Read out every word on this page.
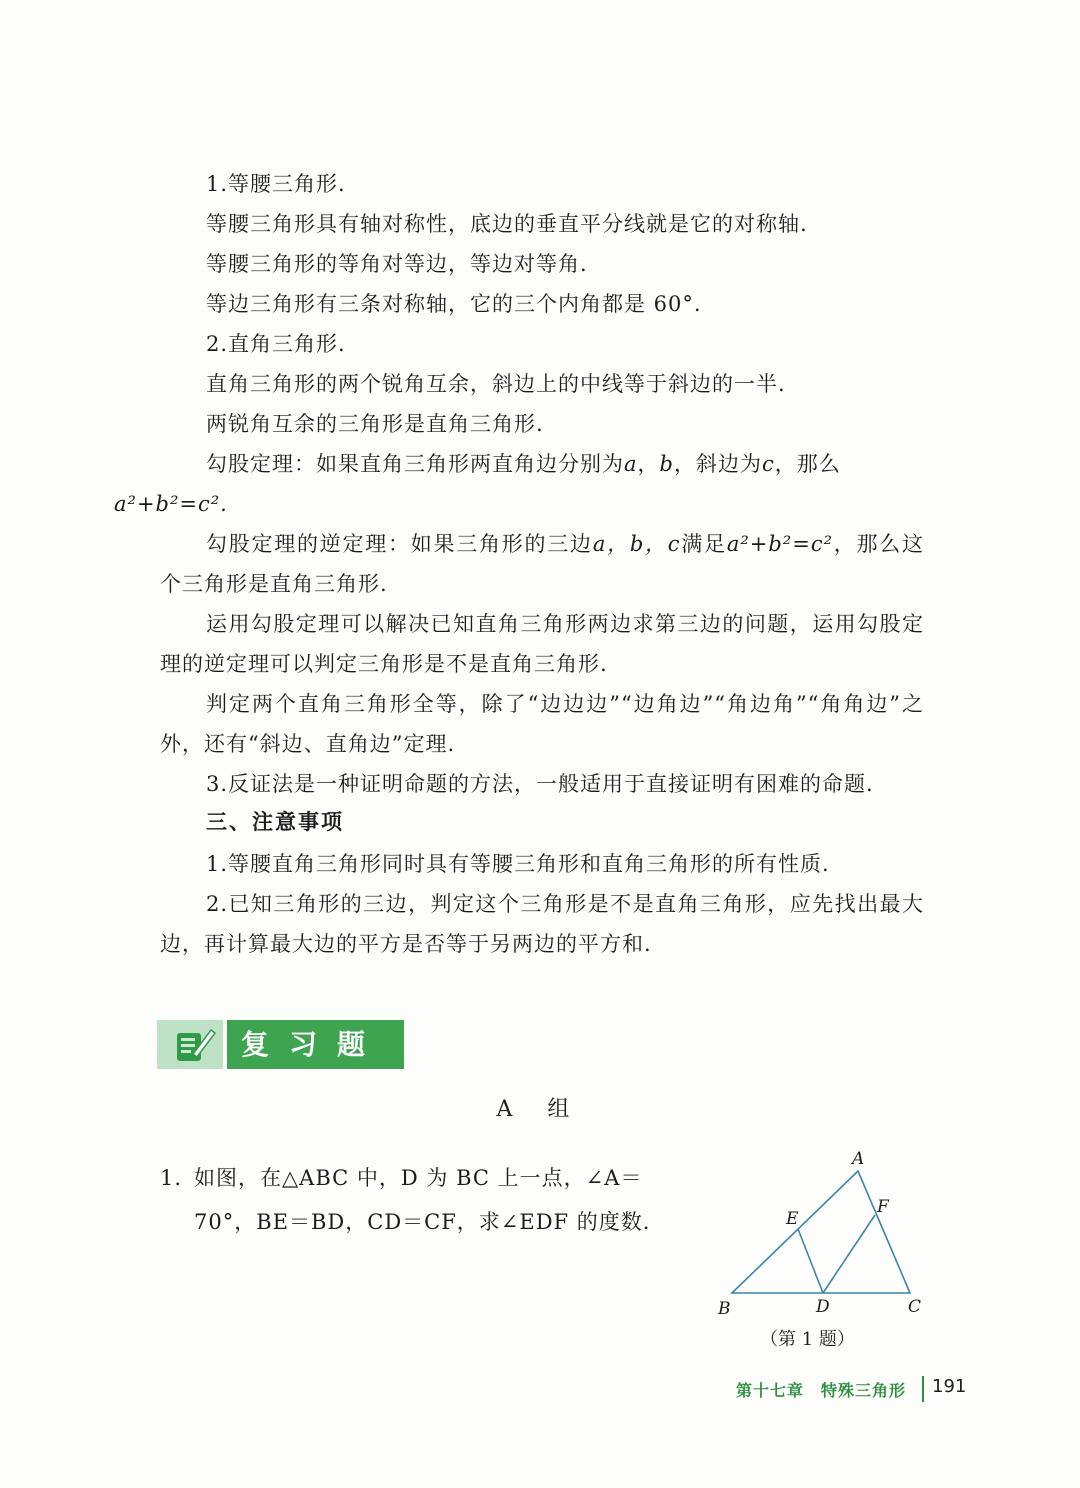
1.等腰三角形.

等腰三角形具有轴对称性，底边的垂直平分线就是它的对称轴.

等腰三角形的等角对等边，等边对等角.

等边三角形有三条对称轴，它的三个内角都是 60°.

2.直角三角形.

直角三角形的两个锐角互余，斜边上的中线等于斜边的一半.

两锐角互余的三角形是直角三角形.

勾股定理：如果直角三角形两直角边分别为a，b，斜边为c，那么
a²+b²=c².

勾股定理的逆定理：如果三角形的三边a，b，c满足a²+b²=c²，那么这个三角形是直角三角形.

运用勾股定理可以解决已知直角三角形两边求第三边的问题，运用勾股定理的逆定理可以判定三角形是不是直角三角形.

判定两个直角三角形全等，除了“边边边”“边角边”“角边角”“角角边”之外，还有“斜边、直角边”定理.

3.反证法是一种证明命题的方法，一般适用于直接证明有困难的命题.

三、注意事项

1.等腰直角三角形同时具有等腰三角形和直角三角形的所有性质.

2.已知三角形的三边，判定这个三角形是不是直角三角形，应先找出最大边，再计算最大边的平方是否等于另两边的平方和.

复习题

A 组

1. 如图，在△ABC 中，D 为 BC 上一点，∠A＝70°，BE＝BD，CD＝CF，求∠EDF 的度数.
A
B	C
D
E
F
（第 1 题）
第十七章　特殊三角形 191
